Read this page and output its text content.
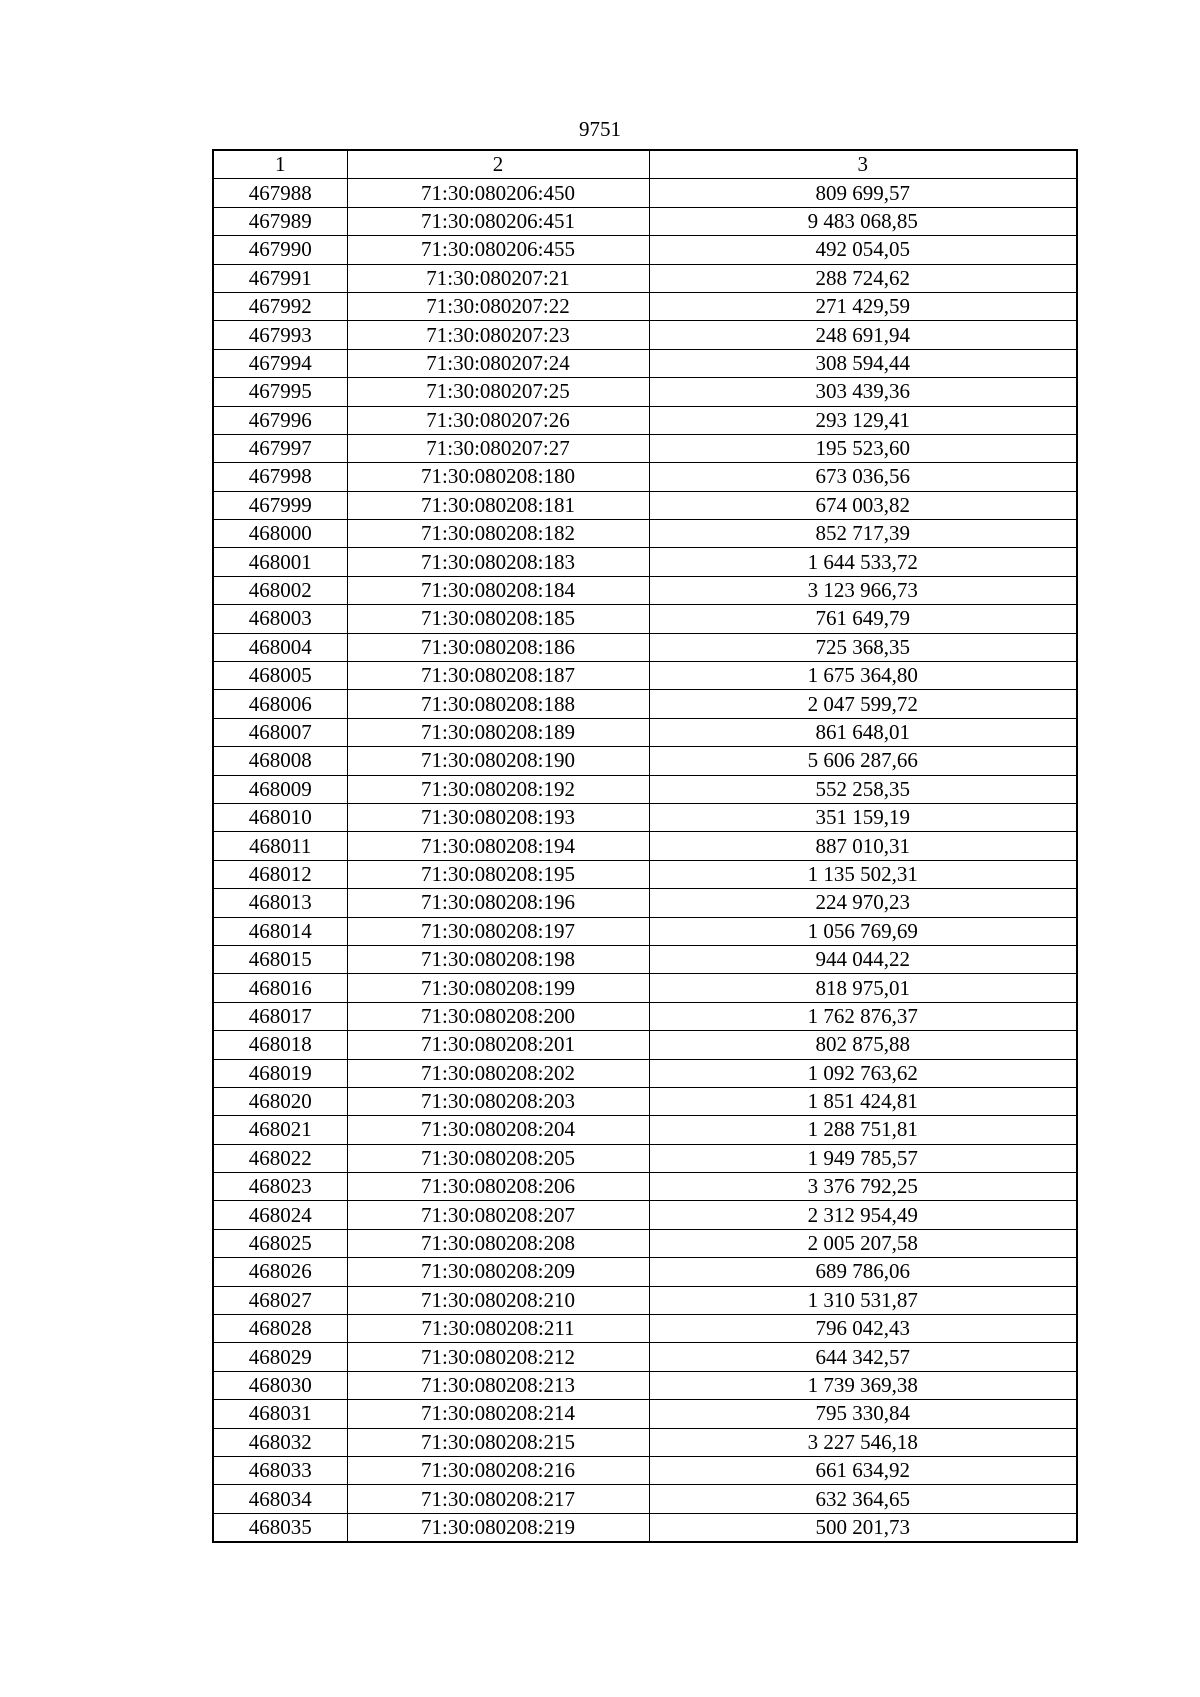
9751
1	2	3
467988	71:30:080206:450	809 699,57
467989	71:30:080206:451	9 483 068,85
467990	71:30:080206:455	492 054,05
467991	71:30:080207:21	288 724,62
467992	71:30:080207:22	271 429,59
467993	71:30:080207:23	248 691,94
467994	71:30:080207:24	308 594,44
467995	71:30:080207:25	303 439,36
467996	71:30:080207:26	293 129,41
467997	71:30:080207:27	195 523,60
467998	71:30:080208:180	673 036,56
467999	71:30:080208:181	674 003,82
468000	71:30:080208:182	852 717,39
468001	71:30:080208:183	1 644 533,72
468002	71:30:080208:184	3 123 966,73
468003	71:30:080208:185	761 649,79
468004	71:30:080208:186	725 368,35
468005	71:30:080208:187	1 675 364,80
468006	71:30:080208:188	2 047 599,72
468007	71:30:080208:189	861 648,01
468008	71:30:080208:190	5 606 287,66
468009	71:30:080208:192	552 258,35
468010	71:30:080208:193	351 159,19
468011	71:30:080208:194	887 010,31
468012	71:30:080208:195	1 135 502,31
468013	71:30:080208:196	224 970,23
468014	71:30:080208:197	1 056 769,69
468015	71:30:080208:198	944 044,22
468016	71:30:080208:199	818 975,01
468017	71:30:080208:200	1 762 876,37
468018	71:30:080208:201	802 875,88
468019	71:30:080208:202	1 092 763,62
468020	71:30:080208:203	1 851 424,81
468021	71:30:080208:204	1 288 751,81
468022	71:30:080208:205	1 949 785,57
468023	71:30:080208:206	3 376 792,25
468024	71:30:080208:207	2 312 954,49
468025	71:30:080208:208	2 005 207,58
468026	71:30:080208:209	689 786,06
468027	71:30:080208:210	1 310 531,87
468028	71:30:080208:211	796 042,43
468029	71:30:080208:212	644 342,57
468030	71:30:080208:213	1 739 369,38
468031	71:30:080208:214	795 330,84
468032	71:30:080208:215	3 227 546,18
468033	71:30:080208:216	661 634,92
468034	71:30:080208:217	632 364,65
468035	71:30:080208:219	500 201,73
